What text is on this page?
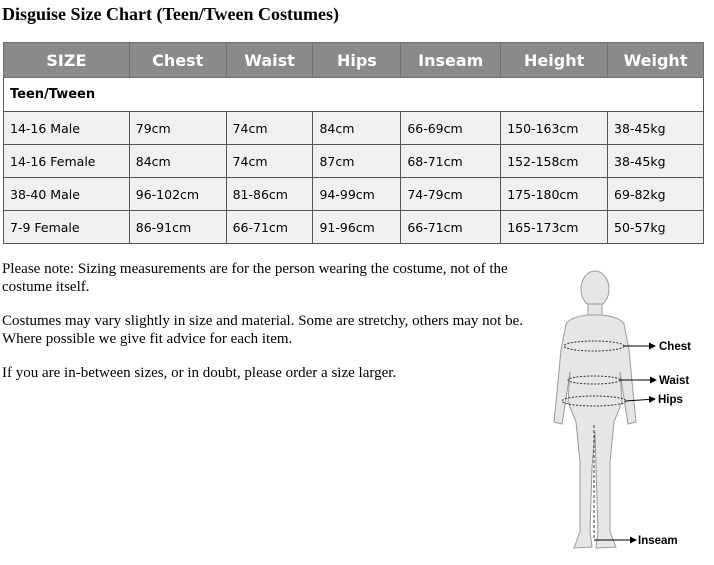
Disguise Size Chart (Teen/Tween Costumes)
SIZE	Chest	Waist	Hips	Inseam	Height	Weight
Teen/Tween						
14-16 Male	79cm	74cm	84cm	66-69cm	150-163cm	38-45kg
14-16 Female	84cm	74cm	87cm	68-71cm	152-158cm	38-45kg
38-40 Male	96-102cm	81-86cm	94-99cm	74-79cm	175-180cm	69-82kg
7-9 Female	86-91cm	66-71cm	91-96cm	66-71cm	165-173cm	50-57kg

Please note: Sizing measurements are for the person wearing the costume, not of the costume itself.

Costumes may vary slightly in size and material. Some are stretchy, others may not be. Where possible we give fit advice for each item.

If you are in-between sizes, or in doubt, please order a size larger.

Chest
Waist
Hips
Inseam
